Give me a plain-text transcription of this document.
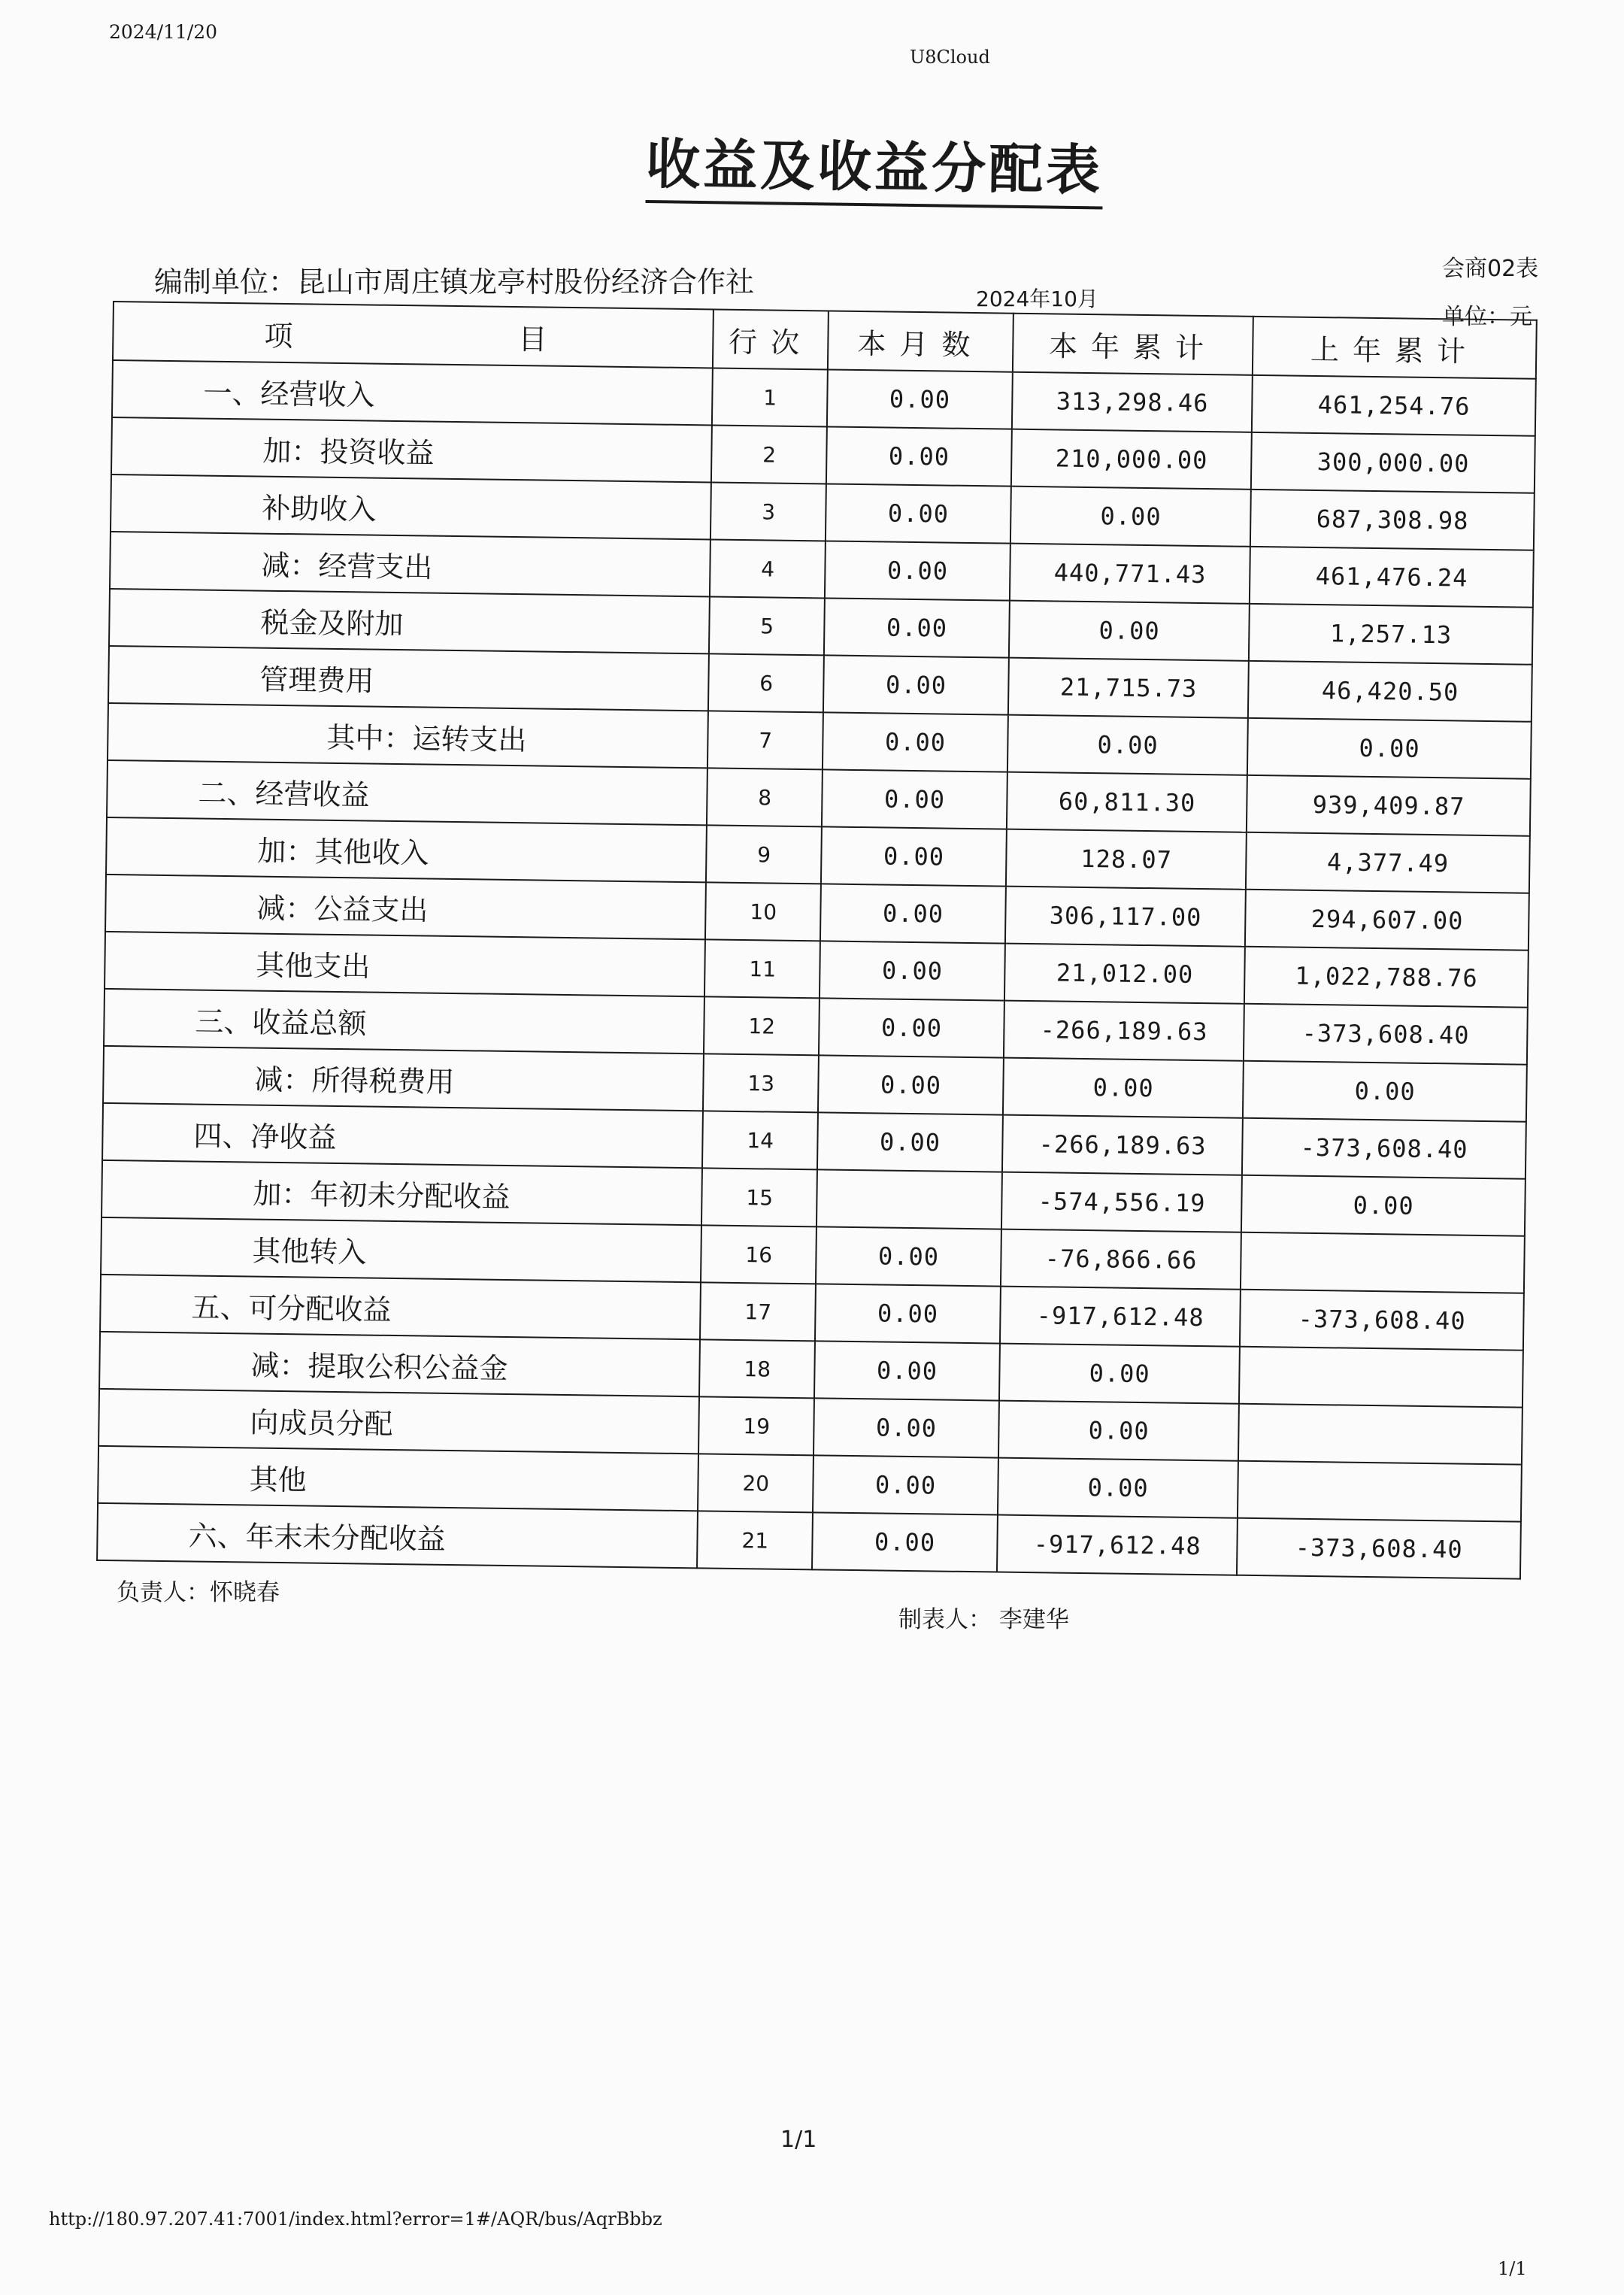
2024/11/20
U8Cloud
收益及收益分配表
会商02表
编制单位：昆山市周庄镇龙亭村股份经济合作社
2024年10月
单位：元
项 目	行次	本月数	本年累计	上年累计
一、经营收入	1	0.00	313,298.46	461,254.76
加：投资收益	2	0.00	210,000.00	300,000.00
补助收入	3	0.00	0.00	687,308.98
减：经营支出	4	0.00	440,771.43	461,476.24
税金及附加	5	0.00	0.00	1,257.13
管理费用	6	0.00	21,715.73	46,420.50
其中：运转支出	7	0.00	0.00	0.00
二、经营收益	8	0.00	60,811.30	939,409.87
加：其他收入	9	0.00	128.07	4,377.49
减：公益支出	10	0.00	306,117.00	294,607.00
其他支出	11	0.00	21,012.00	1,022,788.76
三、收益总额	12	0.00	-266,189.63	-373,608.40
减：所得税费用	13	0.00	0.00	0.00
四、净收益	14	0.00	-266,189.63	-373,608.40
加：年初未分配收益	15		-574,556.19	0.00
其他转入	16	0.00	-76,866.66	
五、可分配收益	17	0.00	-917,612.48	-373,608.40
减：提取公积公益金	18	0.00	0.00	
向成员分配	19	0.00	0.00	
其他	20	0.00	0.00	
六、年末未分配收益	21	0.00	-917,612.48	-373,608.40
负责人：怀晓春
制表人： 李建华
1/1
http://180.97.207.41:7001/index.html?error=1#/AQR/bus/AqrBbbz
1/1
